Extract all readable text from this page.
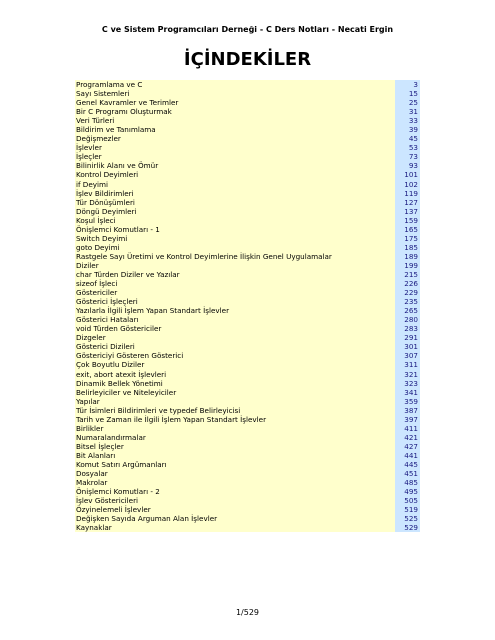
C ve Sistem Programcıları Derneği - C Ders Notları - Necati Ergin
İÇİNDEKİLER
Programlama ve C	3
Sayı Sistemleri	15
Genel Kavramler ve Terimler	25
Bir C Programı Oluşturmak	31
Veri Türleri	33
Bildirim ve Tanımlama	39
Değişmezler	45
İşlevler	53
İşleçler	73
Bilinirlik Alanı ve Ömür	93
Kontrol Deyimleri	101
if Deyimi	102
İşlev Bildirimleri	119
Tür Dönüşümleri	127
Döngü Deyimleri	137
Koşul İşleci	159
Önişlemci Komutları - 1	165
Switch Deyimi	175
goto Deyimi	185
Rastgele Sayı Üretimi ve Kontrol Deyimlerine İlişkin Genel Uygulamalar	189
Diziler	199
char Türden Diziler ve Yazılar	215
sizeof İşleci	226
Göstericiler	229
Gösterici İşleçleri	235
Yazılarla İlgili İşlem Yapan Standart İşlevler	265
Gösterici Hataları	280
void Türden Göstericiler	283
Dizgeler	291
Gösterici Dizileri	301
Göstericiyi Gösteren Gösterici	307
Çok Boyutlu Diziler	311
exit, abort atexit İşlevleri	321
Dinamik Bellek Yönetimi	323
Belirleyiciler ve Niteleyiciler	341
Yapılar	359
Tür İsimleri Bildirimleri ve typedef Belirleyicisi	387
Tarih ve Zaman ile İlgili İşlem Yapan Standart İşlevler	397
Birlikler	411
Numaralandırmalar	421
Bitsel İşleçler	427
Bit Alanları	441
Komut Satırı Argümanları	445
Dosyalar	451
Makrolar	485
Önişlemci Komutları - 2	495
İşlev Göstericileri	505
Özyinelemeli İşlevler	519
Değişken Sayıda Arguman Alan İşlevler	525
Kaynaklar	529
1/529
